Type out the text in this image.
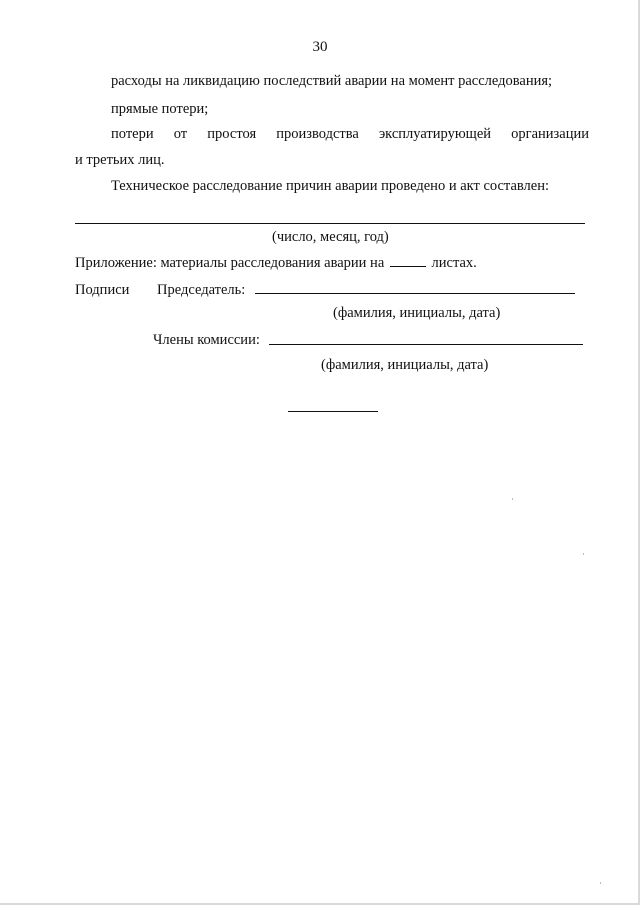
30
расходы на ликвидацию последствий аварии на момент расследования;
прямые потери;
потери от простоя производства эксплуатирующей организации
и третьих лиц.
Техническое расследование причин аварии проведено и акт составлен:
(число, месяц, год)
Приложение: материалы расследования аварии на	листах.
Подписи Председатель:
(фамилия, инициалы, дата)
Члены комиссии:
(фамилия, инициалы, дата)
